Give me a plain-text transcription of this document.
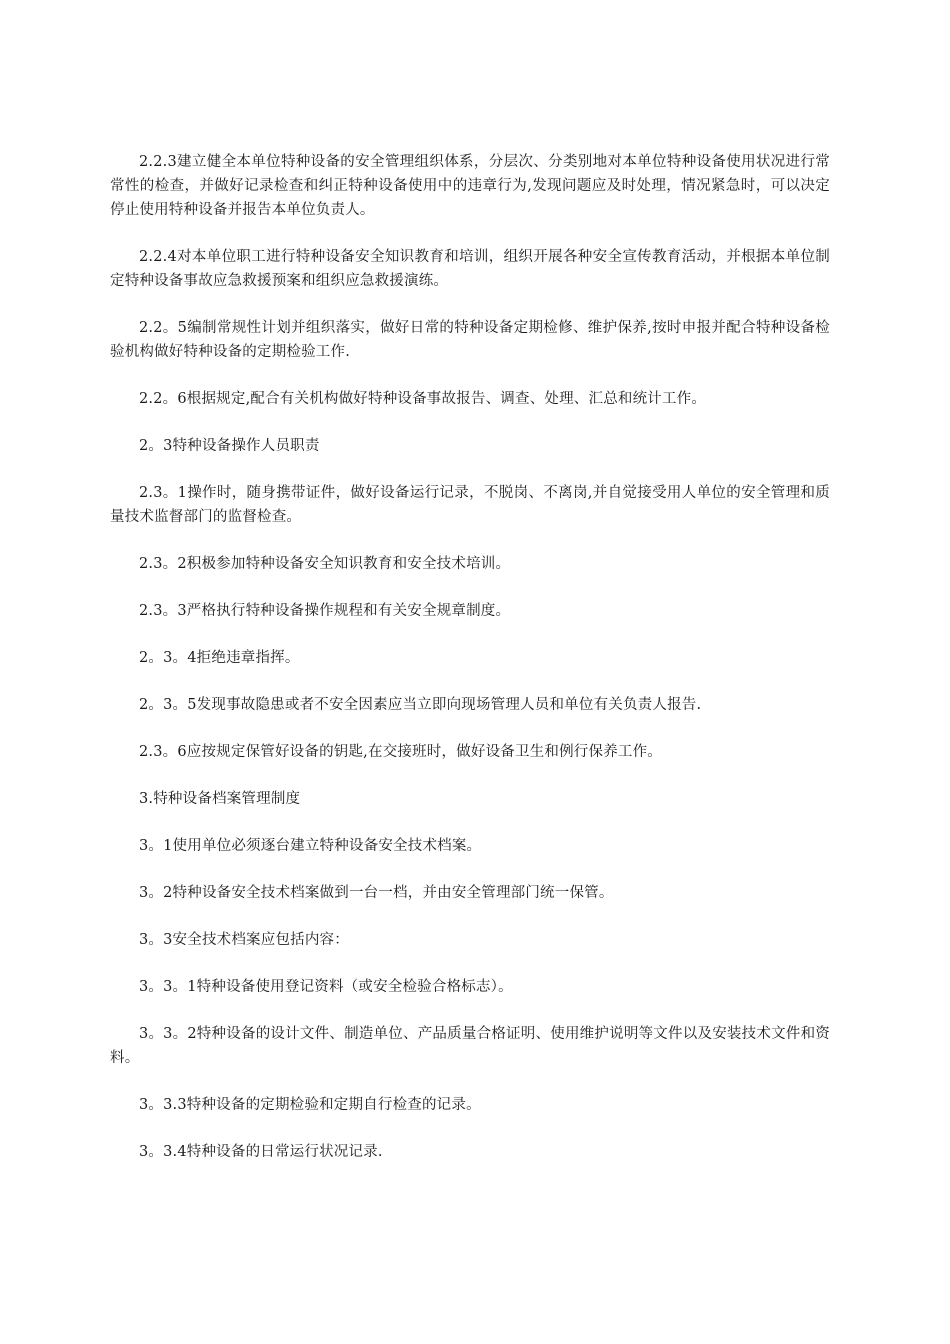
2.2.3建立健全本单位特种设备的安全管理组织体系，分层次、分类别地对本单位特种设备使用状况进行常常性的检查，并做好记录检查和纠正特种设备使用中的违章行为,发现问题应及时处理，情况紧急时，可以决定停止使用特种设备并报告本单位负责人。

2.2.4对本单位职工进行特种设备安全知识教育和培训，组织开展各种安全宣传教育活动，并根据本单位制定特种设备事故应急救援预案和组织应急救援演练。

2.2。5编制常规性计划并组织落实，做好日常的特种设备定期检修、维护保养,按时申报并配合特种设备检验机构做好特种设备的定期检验工作.

2.2。6根据规定,配合有关机构做好特种设备事故报告、调查、处理、汇总和统计工作。

2。3特种设备操作人员职责

2.3。1操作时，随身携带证件，做好设备运行记录，不脱岗、不离岗,并自觉接受用人单位的安全管理和质量技术监督部门的监督检查。

2.3。2积极参加特种设备安全知识教育和安全技术培训。

2.3。3严格执行特种设备操作规程和有关安全规章制度。

2。3。4拒绝违章指挥。

2。3。5发现事故隐患或者不安全因素应当立即向现场管理人员和单位有关负责人报告.

2.3。6应按规定保管好设备的钥匙,在交接班时，做好设备卫生和例行保养工作。

3.特种设备档案管理制度

3。1使用单位必须逐台建立特种设备安全技术档案。

3。2特种设备安全技术档案做到一台一档，并由安全管理部门统一保管。

3。3安全技术档案应包括内容：

3。3。1特种设备使用登记资料（或安全检验合格标志）。

3。3。2特种设备的设计文件、制造单位、产品质量合格证明、使用维护说明等文件以及安装技术文件和资料。

3。3.3特种设备的定期检验和定期自行检查的记录。

3。3.4特种设备的日常运行状况记录.
